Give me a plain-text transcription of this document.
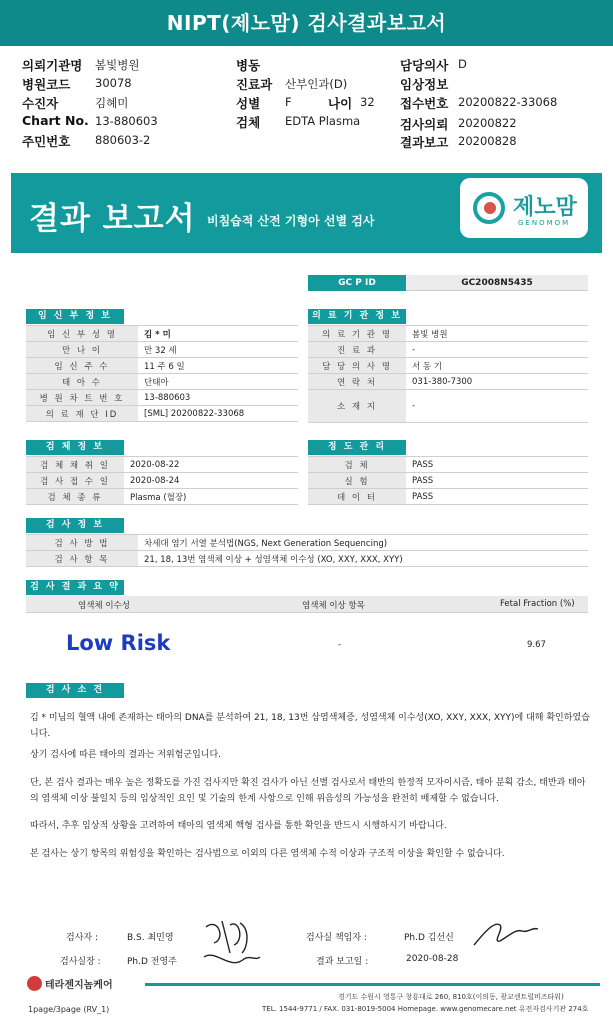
NIPT(제노맘) 검사결과보고서
의뢰기관명 봄빛병원
병원코드 30078
수진자	김혜미
Chart No. 13-880603
주민번호 880603-2
병동
진료과 산부인과(D)
성별 F	나이 32
검체 EDTA Plasma
담당의사 D
임상정보
접수번호 20200822-33068
검사의뢰 20200822
결과보고 20200828
결과 보고서 비침습적 산전 기형아 선별 검사
제노맘
GENOMOM
GC P ID	GC2008N5435
임 신 부 정 보
임 신 부 성 명	김 * 미
만 나 이	만 32 세
임 신 주 수	11 주 6 일
태 아 수	단태아
병 원 차 트 번 호	13-880603
의 료 재 단 ID	[SML] 20200822-33068
의 료 기 관 정 보
의 료 기 관 명	봄빛 병원
진 료 과	-
담 당 의 사 명	서 동 기
연 락 처	031-380-7300
소 재 지	-
검 체 정 보
검 체 채 취 일	2020-08-22
검 사 접 수 일	2020-08-24
검 체 종 류	Plasma (혈장)
정 도 관 리
검 체	PASS
실 험	PASS
데 이 터	PASS
검 사 정 보
검 사 방 법	차세대 염기 서열 분석법(NGS, Next Generation Sequencing)
검 사 항 목	21, 18, 13번 염색체 이상 + 성염색체 이수성 (XO, XXY, XXX, XYY)
검 사 결 과 요 약
염색체 이수성	염색체 이상 항목	Fetal Fraction (%)
Low Risk	-	9.67
검 사 소 견
김 * 미님의 혈액 내에 존재하는 태아의 DNA를 분석하여 21, 18, 13번 삼염색체증, 성염색체 이수성(XO, XXY, XXX, XYY)에 대해 확인하였습니다.
상기 검사에 따른 태아의 결과는 저위험군입니다.
단, 본 검사 결과는 매우 높은 정확도를 가진 검사지만 확진 검사가 아닌 선별 검사로서 태반의 한정적 모자이시즘, 태아 분획 감소, 태반과 태아의 염색체 이상 불일치 등의 임상적인 요인 및 기술의 한계 사항으로 인해 위음성의 가능성을 완전히 배제할 수 없습니다.
따라서, 추후 임상적 상황을 고려하여 태아의 염색체 핵형 검사를 통한 확인을 반드시 시행하시기 바랍니다.
본 검사는 상기 항목의 위험성을 확인하는 검사법으로 이외의 다른 염색체 수적 이상과 구조적 이상을 확인할 수 없습니다.
검사자 :	B.S. 최민영
검사실장 :	Ph.D 전영주
검사실 책임자 :	Ph.D 김선신
결과 보고일 :	2020-08-28
테라젠지놈케어
경기도 수원시 영통구 창룡대로 260, 810호(이의동, 광교센트럴비즈타워)
TEL. 1544-9771 / FAX. 031-8019-5004 Homepage. www.genomecare.net 유전자검사기관 274호
1page/3page (RV_1)
